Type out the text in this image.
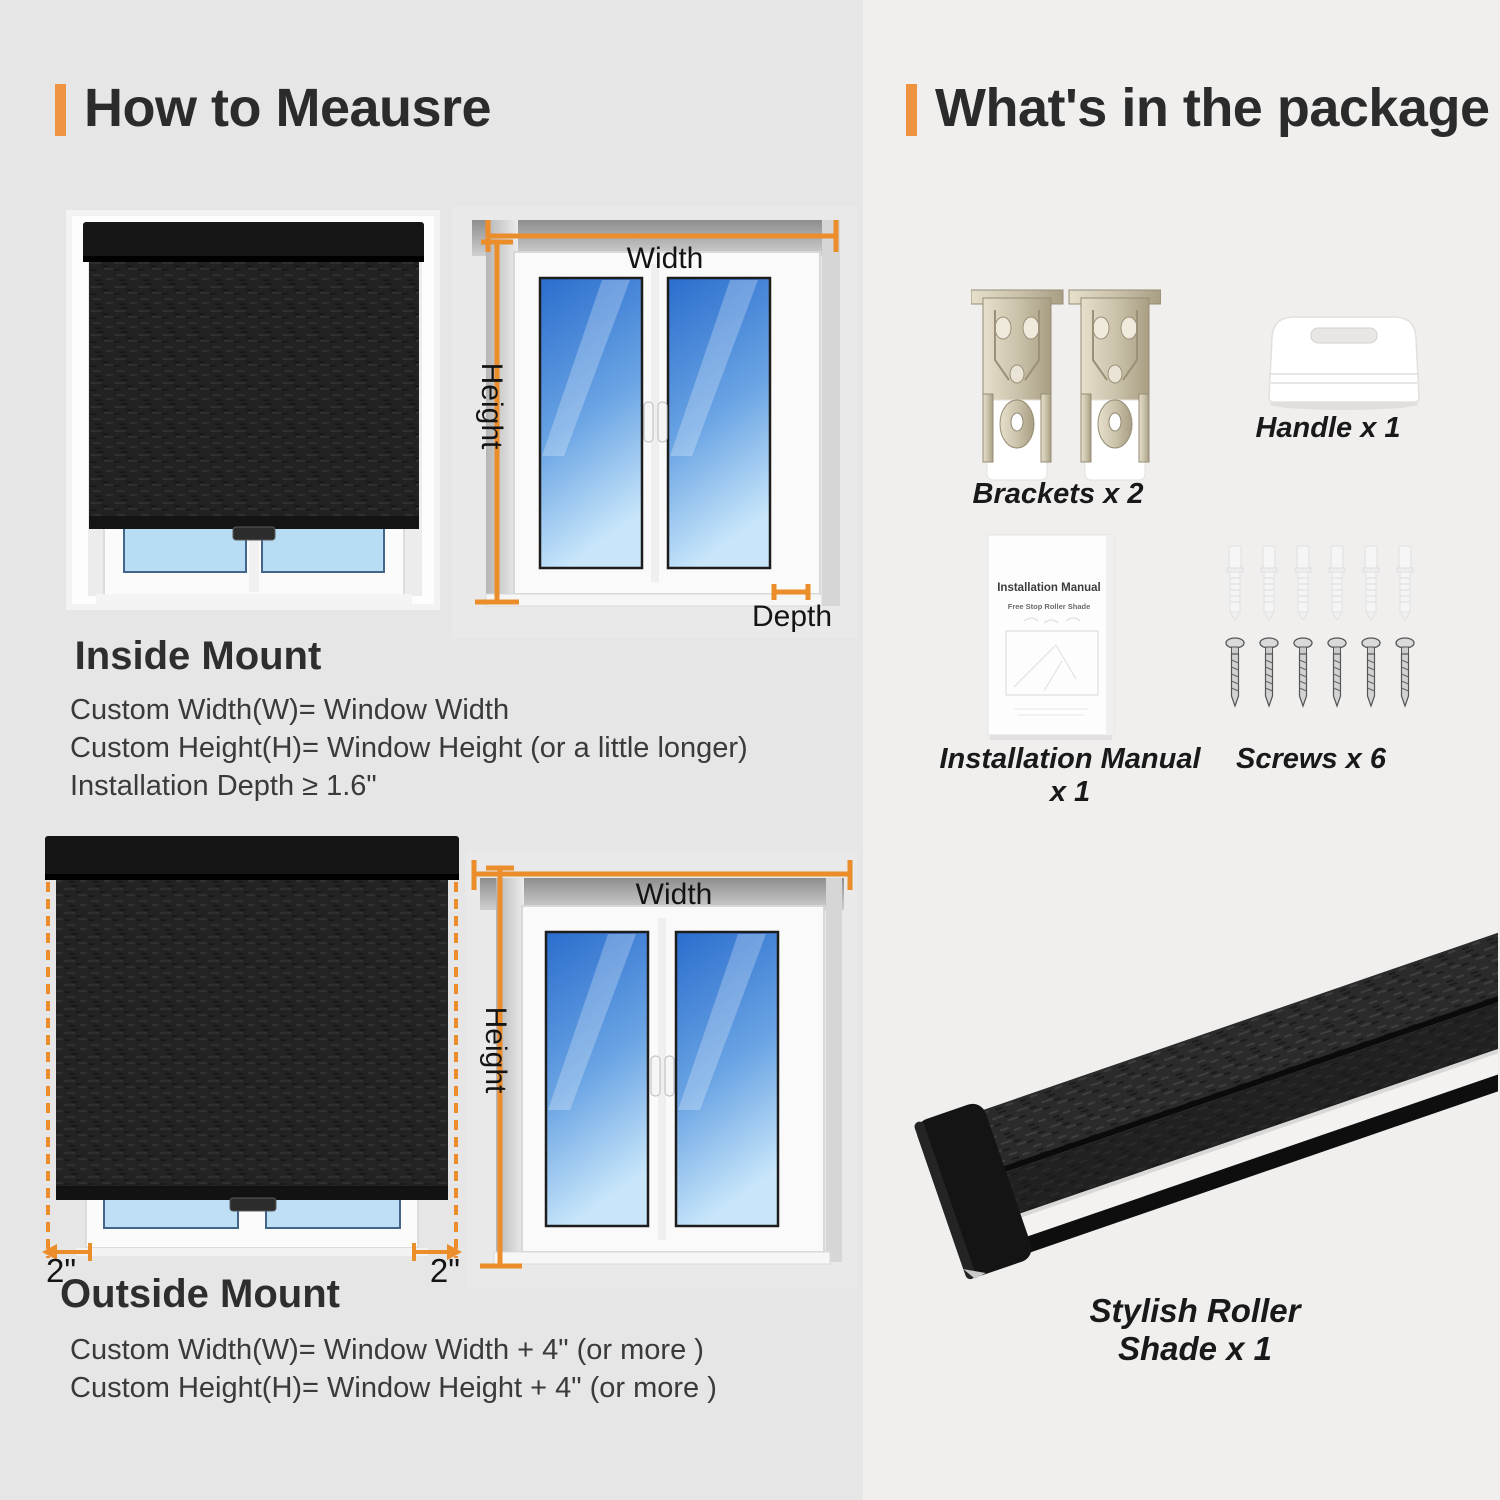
How to Meausre
Width
Height
Depth
Inside Mount

Custom Width(W)= Window Width

Custom Height(H)= Window Height (or a little longer)

Installation Depth ≥ 1.6"

2"	2"
Width
Height
Outside Mount

Custom Width(W)= Window Width + 4" (or more )

Custom Height(H)= Window Height + 4" (or more )

What's in the package
Brackets x 2
Handle x 1
Installation Manual
Free Stop Roller Shade
Installation Manual x 1
Screws x 6
Stylish Roller Shade x 1
